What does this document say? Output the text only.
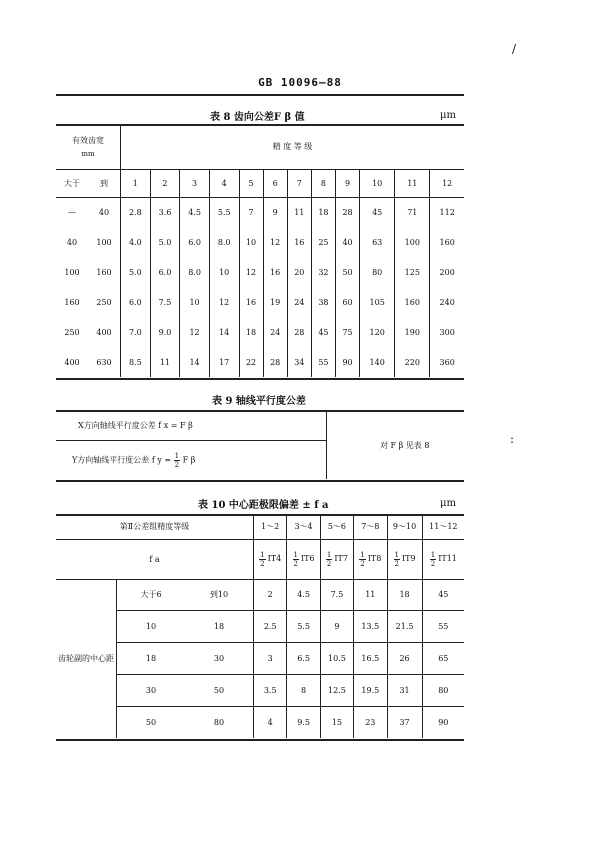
/
GB 10096—88
表 8 齿向公差F β 值	μm
有效齿宽
mm		精 度 等 级											
大于	到	1	2	3	4	5	6	7	8	9	10	11	12
—	40	2.8	3.6	4.5	5.5	7	9	11	18	28	45	71	112
40	100	4.0	5.0	6.0	8.0	10	12	16	25	40	63	100	160
100	160	5.0	6.0	8.0	10	12	16	20	32	50	80	125	200
160	250	6.0	7.5	10	12	16	19	24	38	60	105	160	240
250	400	7.0	9.0	12	14	18	24	28	45	75	120	190	300
400	630	8.5	11	14	17	22	28	34	55	90	140	220	360
表 9 轴线平行度公差
X方向轴线平行度公差 f x = F β
Y方向轴线平行度公差 f $y = \frac{1}{2}$ F β
对 F β 见表 8
表 10 中心距极限偏差 ± f a	μm
第Ⅱ公差组精度等级			1～2	3～4	5～6	7～8	9～10	11～12
f a			$\frac{1}{2} IT4$	$\frac{1}{2} IT6$	$\frac{1}{2} IT7$	$\frac{1}{2} IT8$	$\frac{1}{2} IT9$	$\frac{1}{2} IT11$
齿轮副的中心距	大于6	到10	2	4.5	7.5	11	18	45
	10	18	2.5	5.5	9	13.5	21.5	55
	18	30	3	6.5	10.5	16.5	26	65
	30	50	3.5	8	12.5	19.5	31	80
	50	80	4	9.5	15	23	37	90
:
